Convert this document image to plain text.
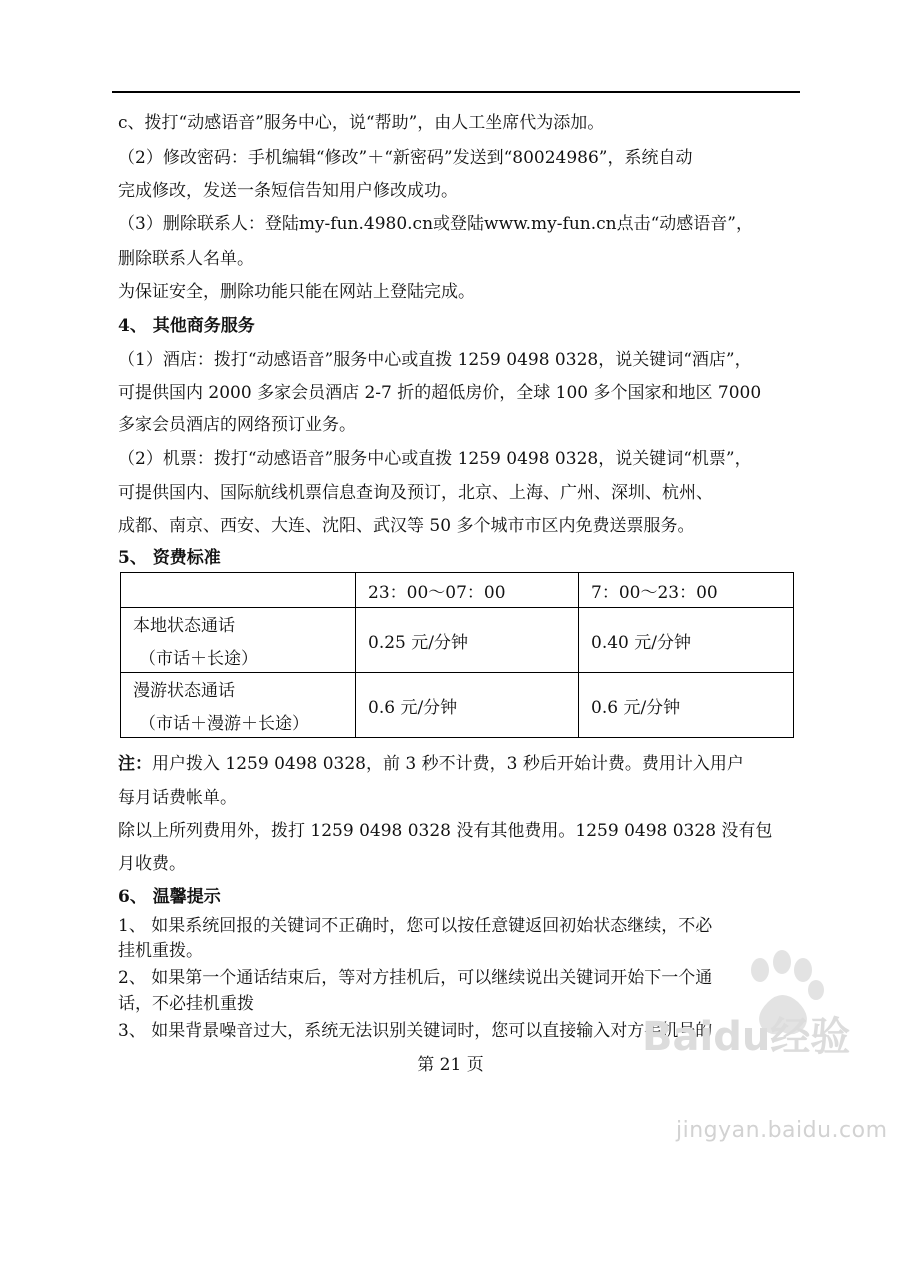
c、拨打“动感语音”服务中心，说“帮助”，由人工坐席代为添加。
（2）修改密码：手机编辑“修改”＋“新密码”发送到“80024986”，系统自动
完成修改，发送一条短信告知用户修改成功。
（3）删除联系人：登陆my-fun.4980.cn或登陆www.my-fun.cn点击“动感语音”，
删除联系人名单。
为保证安全，删除功能只能在网站上登陆完成。
4、 其他商务服务
（1）酒店：拨打“动感语音”服务中心或直拨 1259 0498 0328，说关键词“酒店”，
可提供国内 2000 多家会员酒店 2-7 折的超低房价，全球 100 多个国家和地区 7000
多家会员酒店的网络预订业务。
（2）机票：拨打“动感语音”服务中心或直拨 1259 0498 0328，说关键词“机票”，
可提供国内、国际航线机票信息查询及预订，北京、上海、广州、深圳、杭州、
成都、南京、西安、大连、沈阳、武汉等 50 多个城市市区内免费送票服务。
5、 资费标准
	23：00～07：00	7：00～23：00
本地状态通话
（市话＋长途）	0.25 元/分钟	0.40 元/分钟
漫游状态通话
（市话＋漫游＋长途）	0.6 元/分钟	0.6 元/分钟
注：用户拨入 1259 0498 0328，前 3 秒不计费，3 秒后开始计费。费用计入用户
每月话费帐单。
除以上所列费用外，拨打 1259 0498 0328 没有其他费用。1259 0498 0328 没有包
月收费。
6、 温馨提示
1、 如果系统回报的关键词不正确时，您可以按任意键返回初始状态继续，不必
挂机重拨。
2、 如果第一个通话结束后，等对方挂机后，可以继续说出关键词开始下一个通
话，不必挂机重拨
3、 如果背景噪音过大，系统无法识别关键词时，您可以直接输入对方手机号的
第 21 页
Baidu经验
jingyan.baidu.com
